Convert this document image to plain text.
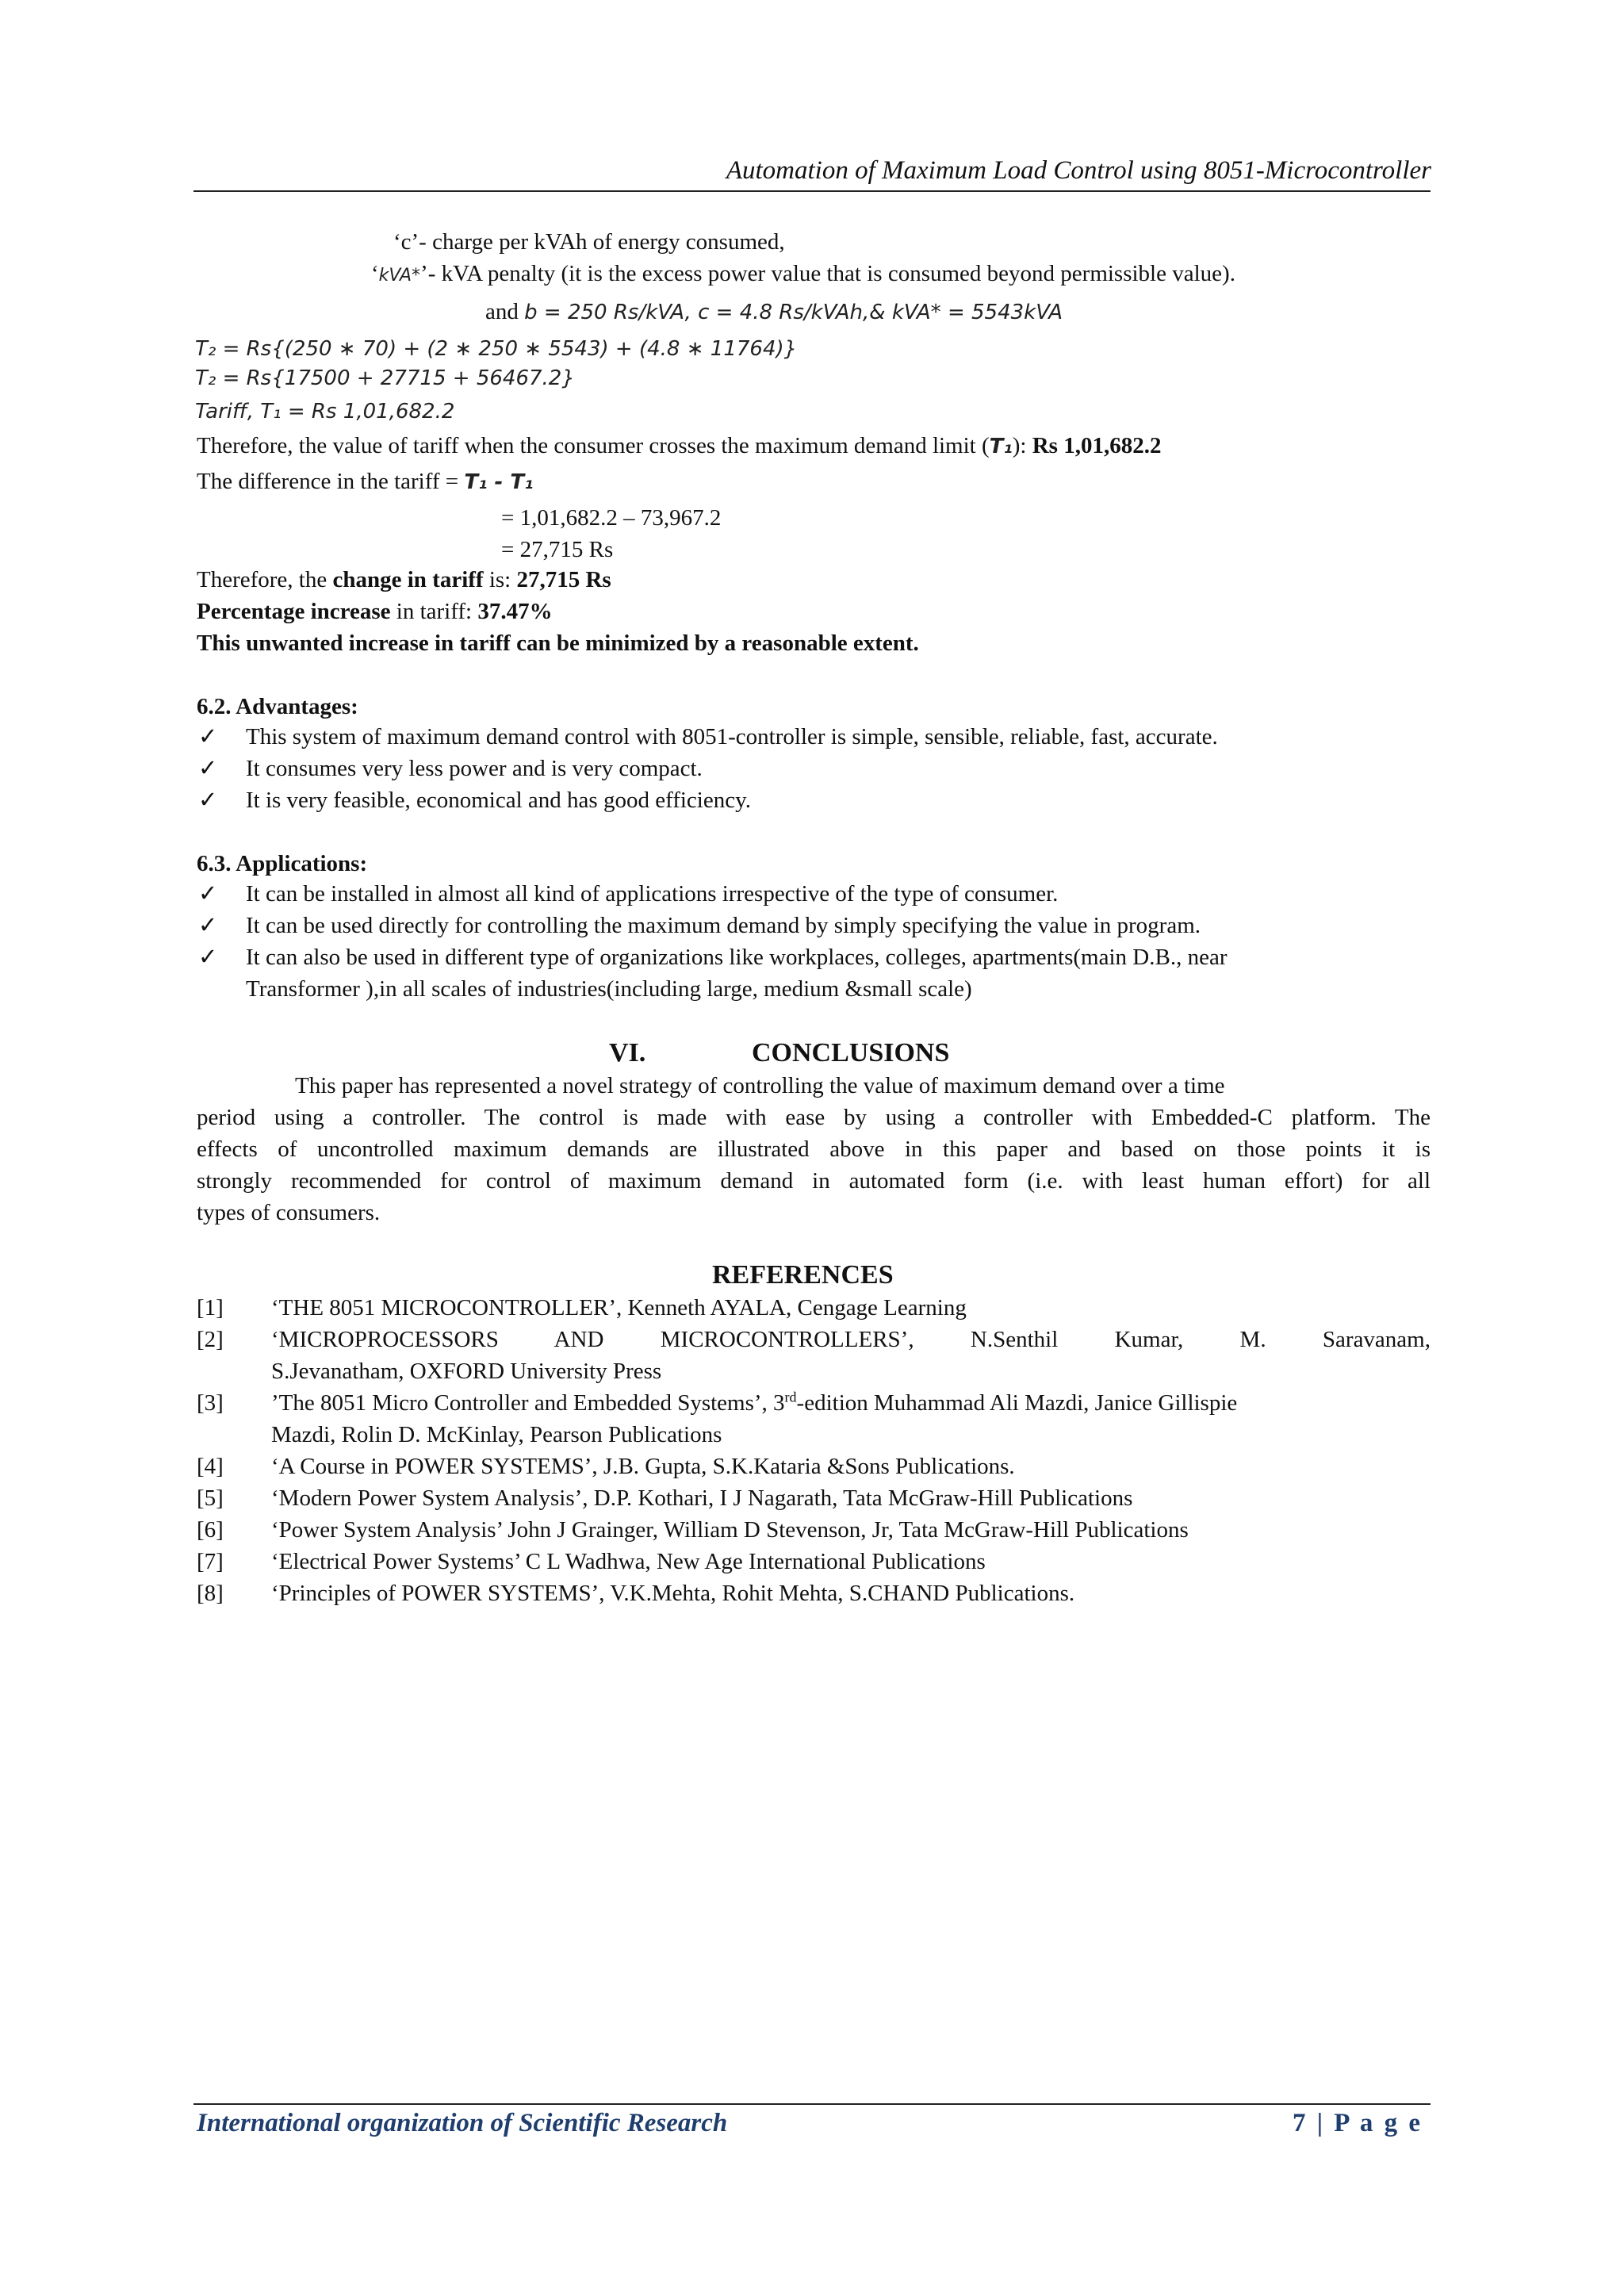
Automation of Maximum Load Control using 8051-Microcontroller
‘c’- charge per kVAh of energy consumed,
‘kVA*’- kVA penalty (it is the excess power value that is consumed beyond permissible value).
and b = 250 Rs/kVA, c = 4.8 Rs/kVAh,& kVA* = 5543kVA
T₂ = Rs{(250 ∗ 70) + (2 ∗ 250 ∗ 5543) + (4.8 ∗ 11764)}
T₂ = Rs{17500 + 27715 + 56467.2}
Tariff, T₁ = Rs 1,01,682.2
Therefore, the value of tariff when the consumer crosses the maximum demand limit (T₁): Rs 1,01,682.2
The difference in the tariff = T₁ - T₁
= 1,01,682.2 – 73,967.2
= 27,715 Rs
Therefore, the change in tariff is: 27,715 Rs
Percentage increase in tariff: 37.47%
This unwanted increase in tariff can be minimized by a reasonable extent.
6.2. Advantages:
✓ This system of maximum demand control with 8051-controller is simple, sensible, reliable, fast, accurate.
✓ It consumes very less power and is very compact.
✓ It is very feasible, economical and has good efficiency.
6.3. Applications:
✓ It can be installed in almost all kind of applications irrespective of the type of consumer.
✓ It can be used directly for controlling the maximum demand by simply specifying the value in program.
✓ It can also be used in different type of organizations like workplaces, colleges, apartments(main D.B., near
Transformer ),in all scales of industries(including large, medium &small scale)
VI.	CONCLUSIONS
This paper has represented a novel strategy of controlling the value of maximum demand over a time
period using a controller. The control is made with ease by using a controller with Embedded-C platform. The
effects of uncontrolled maximum demands are illustrated above in this paper and based on those points it is
strongly recommended for control of maximum demand in automated form (i.e. with least human effort) for all
types of consumers.
REFERENCES
[1] ‘THE 8051 MICROCONTROLLER’, Kenneth AYALA, Cengage Learning
[2] ‘MICROPROCESSORS AND MICROCONTROLLERS’, N.Senthil Kumar, M. Saravanam,
S.Jevanatham, OXFORD University Press
[3] ’The 8051 Micro Controller and Embedded Systems’, 3rd-edition Muhammad Ali Mazdi, Janice Gillispie
Mazdi, Rolin D. McKinlay, Pearson Publications
[4] ‘A Course in POWER SYSTEMS’, J.B. Gupta, S.K.Kataria &Sons Publications.
[5] ‘Modern Power System Analysis’, D.P. Kothari, I J Nagarath, Tata McGraw-Hill Publications
[6] ‘Power System Analysis’ John J Grainger, William D Stevenson, Jr, Tata McGraw-Hill Publications
[7] ‘Electrical Power Systems’ C L Wadhwa, New Age International Publications
[8] ‘Principles of POWER SYSTEMS’, V.K.Mehta, Rohit Mehta, S.CHAND Publications.
International organization of Scientific Research	7 | P a g e
